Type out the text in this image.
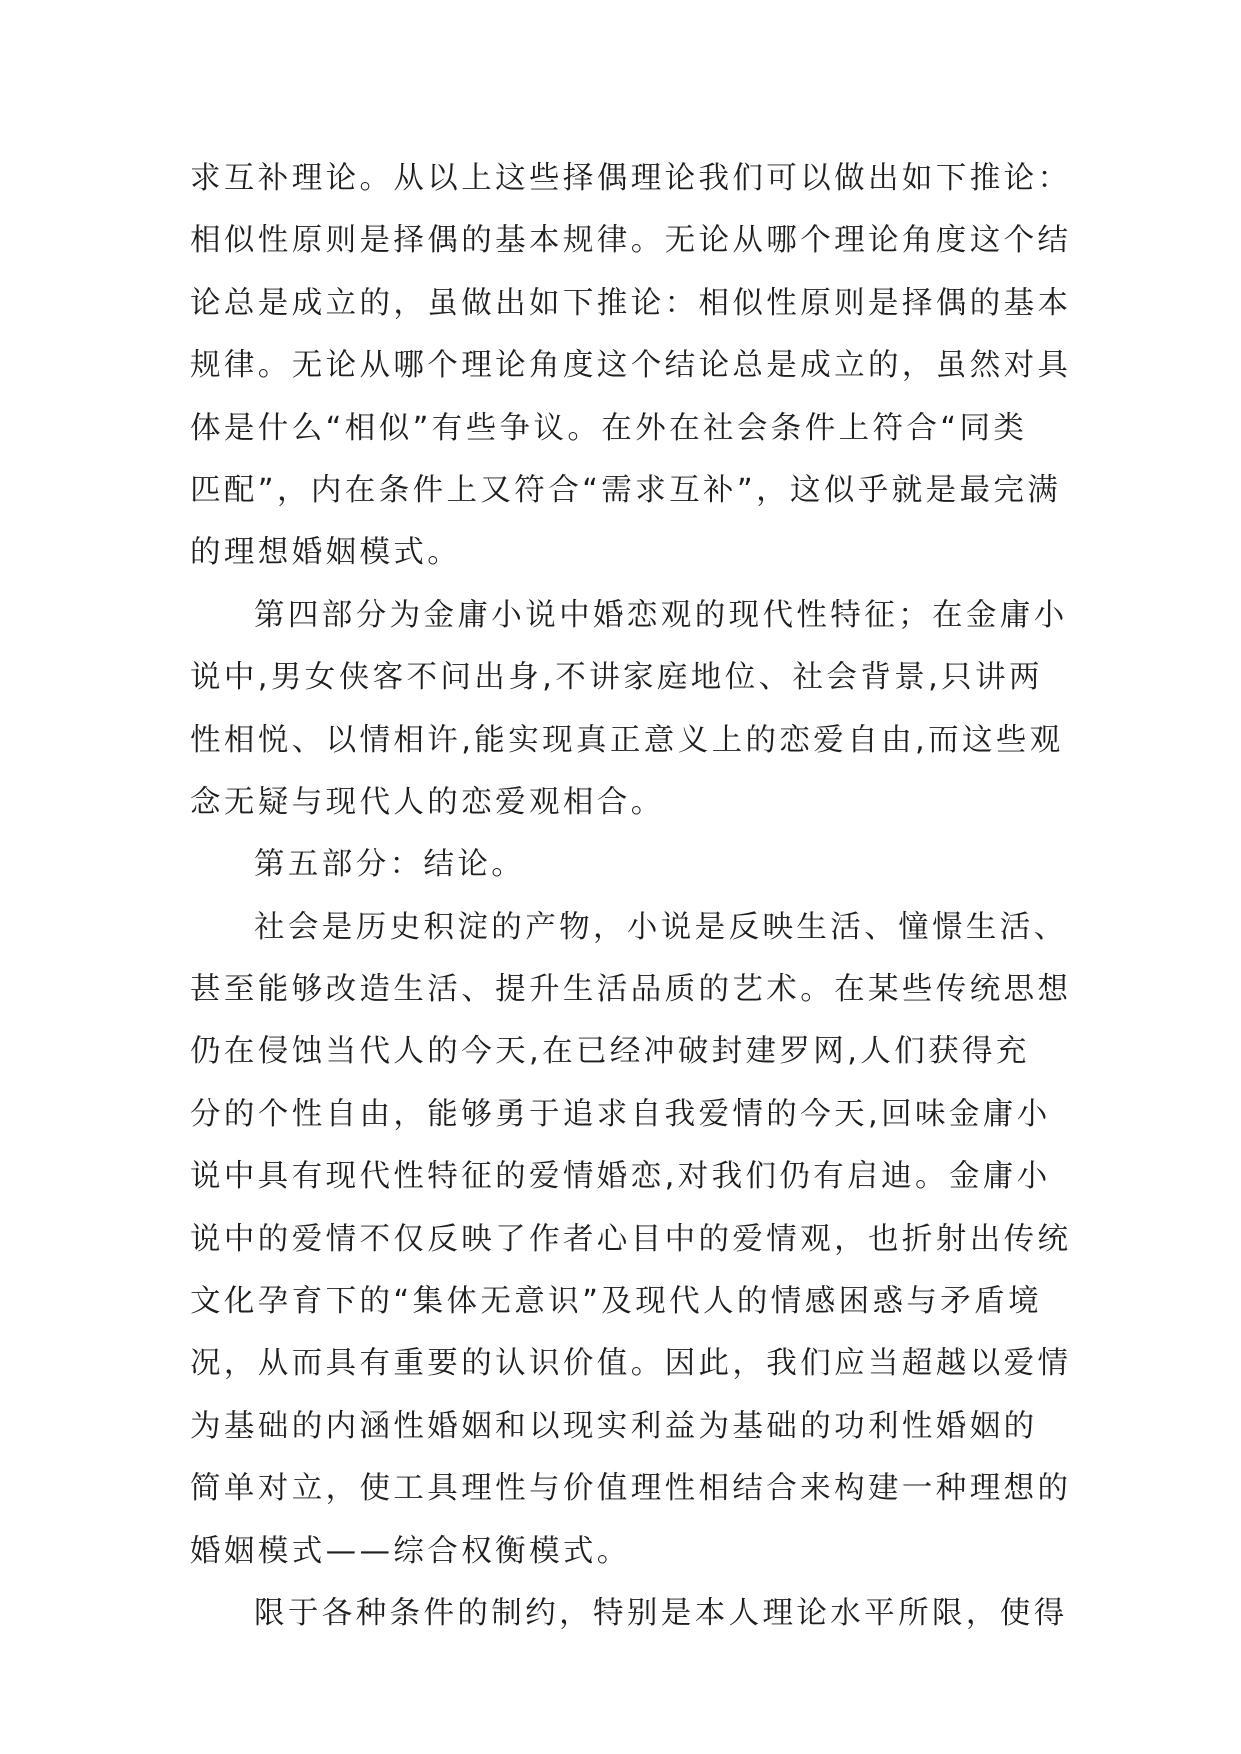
求互补理论。从以上这些择偶理论我们可以做出如下推论：
相似性原则是择偶的基本规律。无论从哪个理论角度这个结
论总是成立的，虽做出如下推论：相似性原则是择偶的基本
规律。无论从哪个理论角度这个结论总是成立的，虽然对具
体是什么“相似”有些争议。在外在社会条件上符合“同类
匹配”，内在条件上又符合“需求互补”，这似乎就是最完满
的理想婚姻模式。
第四部分为金庸小说中婚恋观的现代性特征；在金庸小
说中,男女侠客不问出身,不讲家庭地位、社会背景,只讲两
性相悦、以情相许,能实现真正意义上的恋爱自由,而这些观
念无疑与现代人的恋爱观相合。
第五部分：结论。
社会是历史积淀的产物，小说是反映生活、憧憬生活、
甚至能够改造生活、提升生活品质的艺术。在某些传统思想
仍在侵蚀当代人的今天,在已经冲破封建罗网,人们获得充
分的个性自由，能够勇于追求自我爱情的今天,回味金庸小
说中具有现代性特征的爱情婚恋,对我们仍有启迪。金庸小
说中的爱情不仅反映了作者心目中的爱情观，也折射出传统
文化孕育下的“集体无意识”及现代人的情感困惑与矛盾境
况，从而具有重要的认识价值。因此，我们应当超越以爱情
为基础的内涵性婚姻和以现实利益为基础的功利性婚姻的
简单对立，使工具理性与价值理性相结合来构建一种理想的
婚姻模式——综合权衡模式。
限于各种条件的制约，特别是本人理论水平所限，使得
